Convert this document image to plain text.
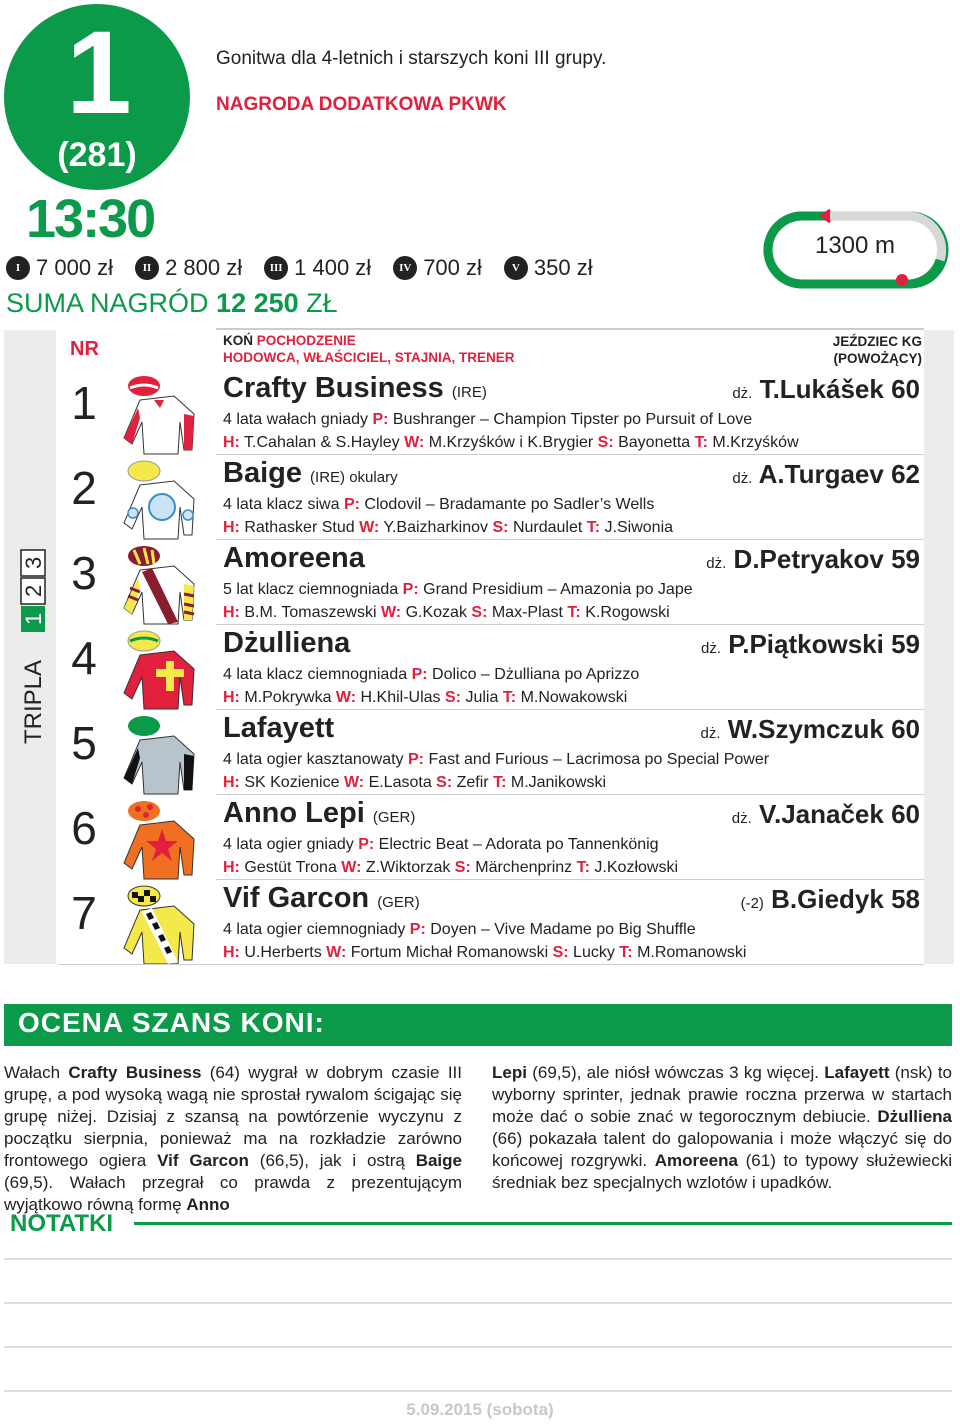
1
(281)
13:30
Gonitwa dla 4-letnich i starszych koni III grupy.
NAGRODA DODATKOWA PKWK
I 7 000 zł	II 2 800 zł	III 1 400 zł	IV 700 zł	V 350 zł
SUMA NAGRÓD 12 250 ZŁ
1300 m
TRIPLA
1
2
3
NR	KOŃ POCHODZENIE
HODOWCA, WŁAŚCICIEL, STAJNIA, TRENER
JEŹDZIEC KG
(POWOŻĄCY)
1	Crafty Business (IRE)	dż. T.Lukášek 60
4 lata wałach gniady P: Bushranger – Champion Tipster po Pursuit of Love
H: T.Cahalan & S.Hayley W: M.Krzyśków i K.Brygier S: Bayonetta T: M.Krzyśków
2	Baige (IRE) okulary	dż. A.Turgaev 62
4 lata klacz siwa P: Clodovil – Bradamante po Sadler’s Wells
H: Rathasker Stud W: Y.Baizharkinov S: Nurdaulet T: J.Siwonia
3	Amoreena	dż. D.Petryakov 59
5 lat klacz ciemnogniada P: Grand Presidium – Amazonia po Jape
H: B.M. Tomaszewski W: G.Kozak S: Max-Plast T: K.Rogowski
4	Dżulliena	dż. P.Piątkowski 59
4 lata klacz ciemnogniada P: Dolico – Dżulliana po Aprizzo
H: M.Pokrywka W: H.Khil-Ulas S: Julia T: M.Nowakowski
5	Lafayett	dż. W.Szymczuk 60
4 lata ogier kasztanowaty P: Fast and Furious – Lacrimosa po Special Power
H: SK Kozienice W: E.Lasota S: Zefir T: M.Janikowski
6	Anno Lepi (GER)	dż. V.Janaček 60
4 lata ogier gniady P: Electric Beat – Adorata po Tannenkönig
H: Gestüt Trona W: Z.Wiktorzak S: Märchenprinz T: J.Kozłowski
7	Vif Garcon (GER)	(-2) B.Giedyk 58
4 lata ogier ciemnogniady P: Doyen – Vive Madame po Big Shuffle
H: U.Herberts W: Fortum Michał Romanowski S: Lucky T: M.Romanowski
OCENA SZANS KONI:
Wałach Crafty Business (64) wygrał w dobrym czasie III grupę, a pod wysoką wagą nie sprostał rywalom ścigając się grupę niżej. Dzisiaj z szansą na powtórzenie wyczynu z początku sierpnia, ponieważ ma na rozkładzie zarówno frontowego ogiera Vif Garcon (66,5), jak i ostrą Baige (69,5). Wałach przegrał co prawda z prezentującym wyjątkowo równą formę Anno
Lepi (69,5), ale niósł wówczas 3 kg więcej. Lafayett (nsk) to wyborny sprinter, jednak prawie roczna przerwa w startach może dać o sobie znać w tegorocznym debiucie. Dżulliena (66) pokazała talent do galopowania i może włączyć się do końcowej rozgrywki. Amoreena (61) to typowy służewiecki średniak bez specjalnych wzlotów i upadków.
NOTATKI
5.09.2015 (sobota)
